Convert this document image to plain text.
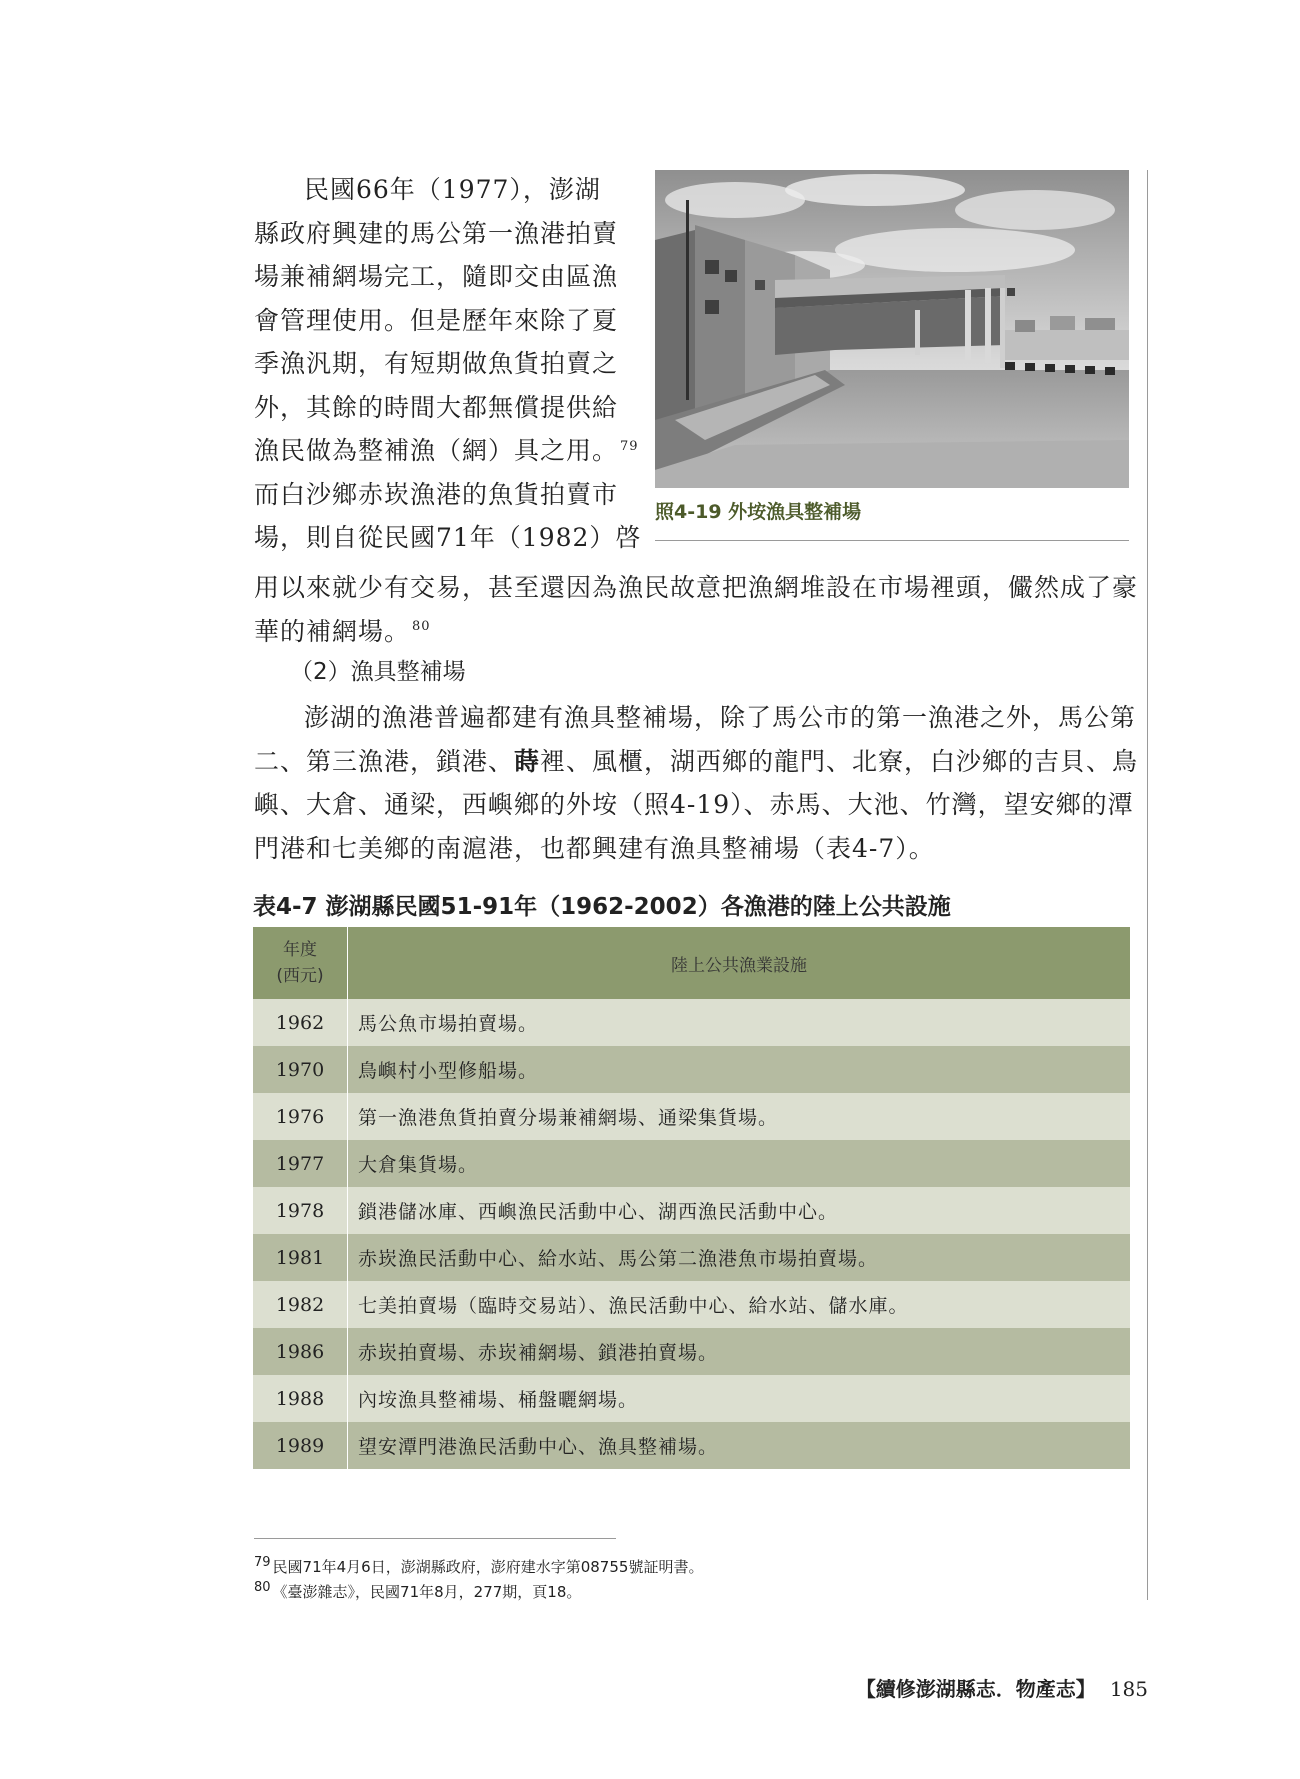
民國66年（1977），澎湖
縣政府興建的馬公第一漁港拍賣
場兼補網場完工，隨即交由區漁
會管理使用。但是歷年來除了夏
季漁汎期，有短期做魚貨拍賣之
外，其餘的時間大都無償提供給
漁民做為整補漁（網）具之用。 $^{79}$
而白沙鄉赤崁漁港的魚貨拍賣市
場，則自從民國71年（1982）啓
照4-19 外垵漁具整補場
用以來就少有交易，甚至還因為漁民故意把漁網堆設在市場裡頭，儼然成了豪
華的補網場。 $^{80}$
（2）漁具整補場
澎湖的漁港普遍都建有漁具整補場，除了馬公市的第一漁港之外，馬公第
二、第三漁港，鎖港、蒔裡、風櫃，湖西鄉的龍門、北寮，白沙鄉的吉貝、鳥
嶼、大倉、通梁，西嶼鄉的外垵（照4-19）、赤馬、大池、竹灣，望安鄉的潭
門港和七美鄉的南滬港，也都興建有漁具整補場（表4-7）。
表4-7 澎湖縣民國51-91年（1962-2002）各漁港的陸上公共設施
年度
(西元)
陸上公共漁業設施
1962	馬公魚市場拍賣場。
1970	鳥嶼村小型修船場。
1976	第一漁港魚貨拍賣分場兼補網場、通梁集貨場。
1977	大倉集貨場。
1978	鎖港儲冰庫、西嶼漁民活動中心、湖西漁民活動中心。
1981	赤崁漁民活動中心、給水站、馬公第二漁港魚市場拍賣場。
1982	七美拍賣場（臨時交易站）、漁民活動中心、給水站、儲水庫。
1986	赤崁拍賣場、赤崁補網場、鎖港拍賣場。
1988	內垵漁具整補場、桶盤曬網場。
1989	望安潭門港漁民活動中心、漁具整補場。
79 民國71年4月6日，澎湖縣政府，澎府建水字第08755號証明書。
80 《臺澎雜志》，民國71年8月，277期，頁18。
【續修澎湖縣志．物產志】 185
